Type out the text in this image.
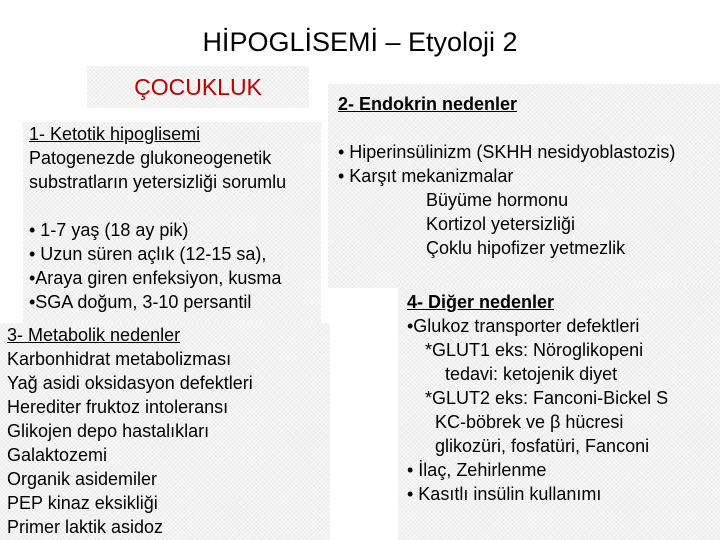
HİPOGLİSEMİ – Etyoloji 2
ÇOCUKLUK
1- Ketotik hipoglisemi
Patogenezde glukoneogenetik
substratların yetersizliği sorumlu
• 1-7 yaş (18 ay pik)
• Uzun süren açlık (12-15 sa),
•Araya giren enfeksiyon, kusma
•SGA doğum, 3-10 persantil
2- Endokrin nedenler
• Hiperinsülinizm (SKHH nesidyoblastozis)
• Karşıt mekanizmalar
Büyüme hormonu
Kortizol yetersizliği
Çoklu hipofizer yetmezlik
3- Metabolik nedenler
Karbonhidrat metabolizması
Yağ asidi oksidasyon defektleri
Herediter fruktoz intoleransı
Glikojen depo hastalıkları
Galaktozemi
Organik asidemiler
PEP kinaz eksikliği
Primer laktik asidoz
4- Diğer nedenler
•Glukoz transporter defektleri
*GLUT1 eks: Nöroglikopeni
tedavi: ketojenik diyet
*GLUT2 eks: Fanconi-Bickel S
KC-böbrek ve β hücresi
glikozüri, fosfatüri, Fanconi
• İlaç, Zehirlenme
• Kasıtlı insülin kullanımı
